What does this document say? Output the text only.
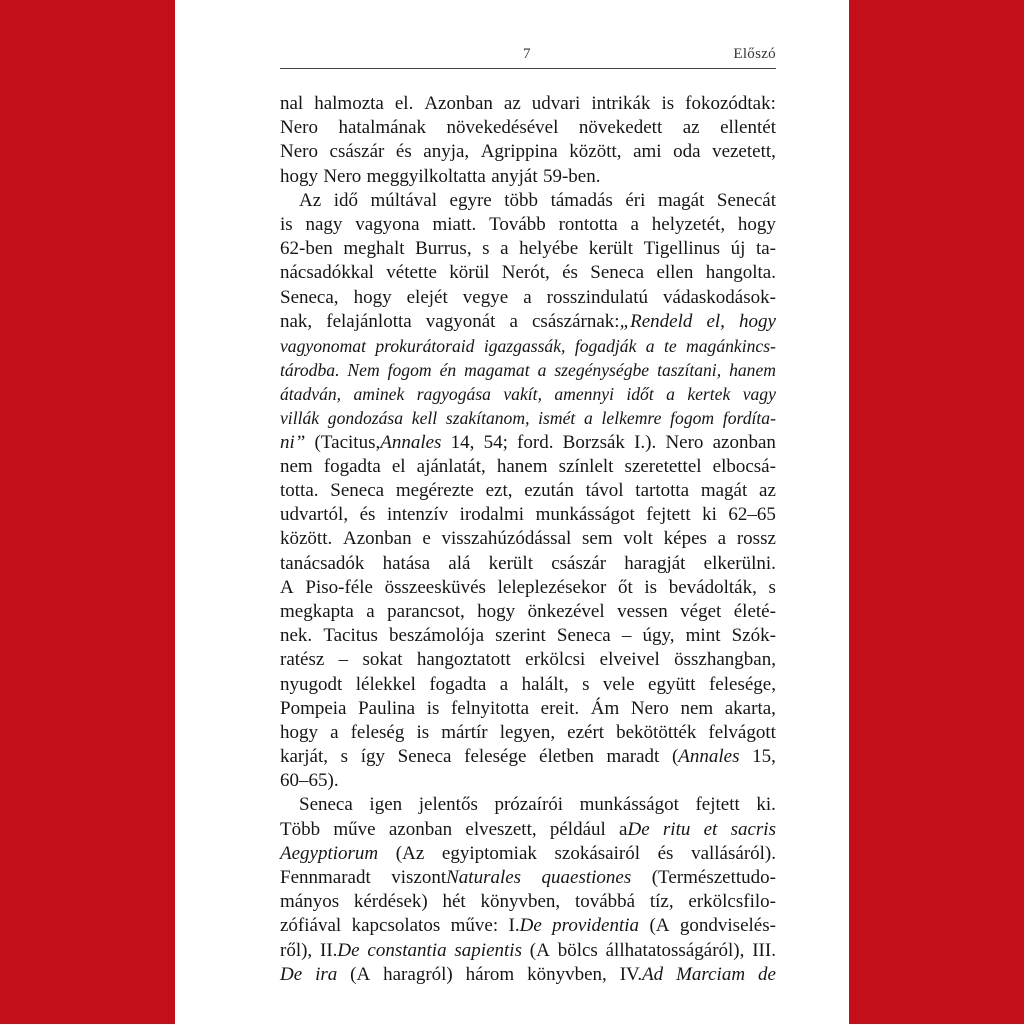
7	Előszó
nal halmozta el. Azonban az udvari intrikák is fokozódtak:
Nero hatalmának növekedésével növekedett az ellentét
Nero császár és anyja, Agrippina között, ami oda vezetett,
hogy Nero meggyilkoltatta anyját 59-ben.
Az idő múltával egyre több támadás éri magát Senecát
is nagy vagyona miatt. Tovább rontotta a helyzetét, hogy
62-ben meghalt Burrus, s a helyébe került Tigellinus új ta-
nácsadókkal vétette körül Nerót, és Seneca ellen hangolta.
Seneca, hogy elejét vegye a rosszindulatú vádaskodások-
nak, felajánlotta vagyonát a császárnak:„Rendeld el, hogy
vagyonomat prokurátoraid igazgassák, fogadják a te magánkincs-
tárodba. Nem fogom én magamat a szegénységbe taszítani, hanem
átadván, aminek ragyogása vakít, amennyi időt a kertek vagy
villák gondozása kell szakítanom, ismét a lelkemre fogom fordíta-
ni” (Tacitus,Annales 14, 54; ford. Borzsák I.). Nero azonban
nem fogadta el ajánlatát, hanem színlelt szeretettel elbocsá-
totta. Seneca megérezte ezt, ezután távol tartotta magát az
udvartól, és intenzív irodalmi munkásságot fejtett ki 62–65
között. Azonban e visszahúzódással sem volt képes a rossz
tanácsadók hatása alá került császár haragját elkerülni.
A Piso-féle összeesküvés leleplezésekor őt is bevádolták, s
megkapta a parancsot, hogy önkezével vessen véget életé-
nek. Tacitus beszámolója szerint Seneca – úgy, mint Szók-
ratész – sokat hangoztatott erkölcsi elveivel összhangban,
nyugodt lélekkel fogadta a halált, s vele együtt felesége,
Pompeia Paulina is felnyitotta ereit. Ám Nero nem akarta,
hogy a feleség is mártír legyen, ezért bekötötték felvágott
karját, s így Seneca felesége életben maradt (Annales 15,
60–65).
Seneca igen jelentős prózaírói munkásságot fejtett ki.
Több műve azonban elveszett, például aDe ritu et sacris
Aegyptiorum (Az egyiptomiak szokásairól és vallásáról).
Fennmaradt viszontNaturales quaestiones (Természettudo-
mányos kérdések) hét könyvben, továbbá tíz, erkölcsfilo-
zófiával kapcsolatos műve: I.De providentia (A gondviselés-
ről), II.De constantia sapientis (A bölcs állhatatosságáról), III.
De ira (A haragról) három könyvben, IV.Ad Marciam de
